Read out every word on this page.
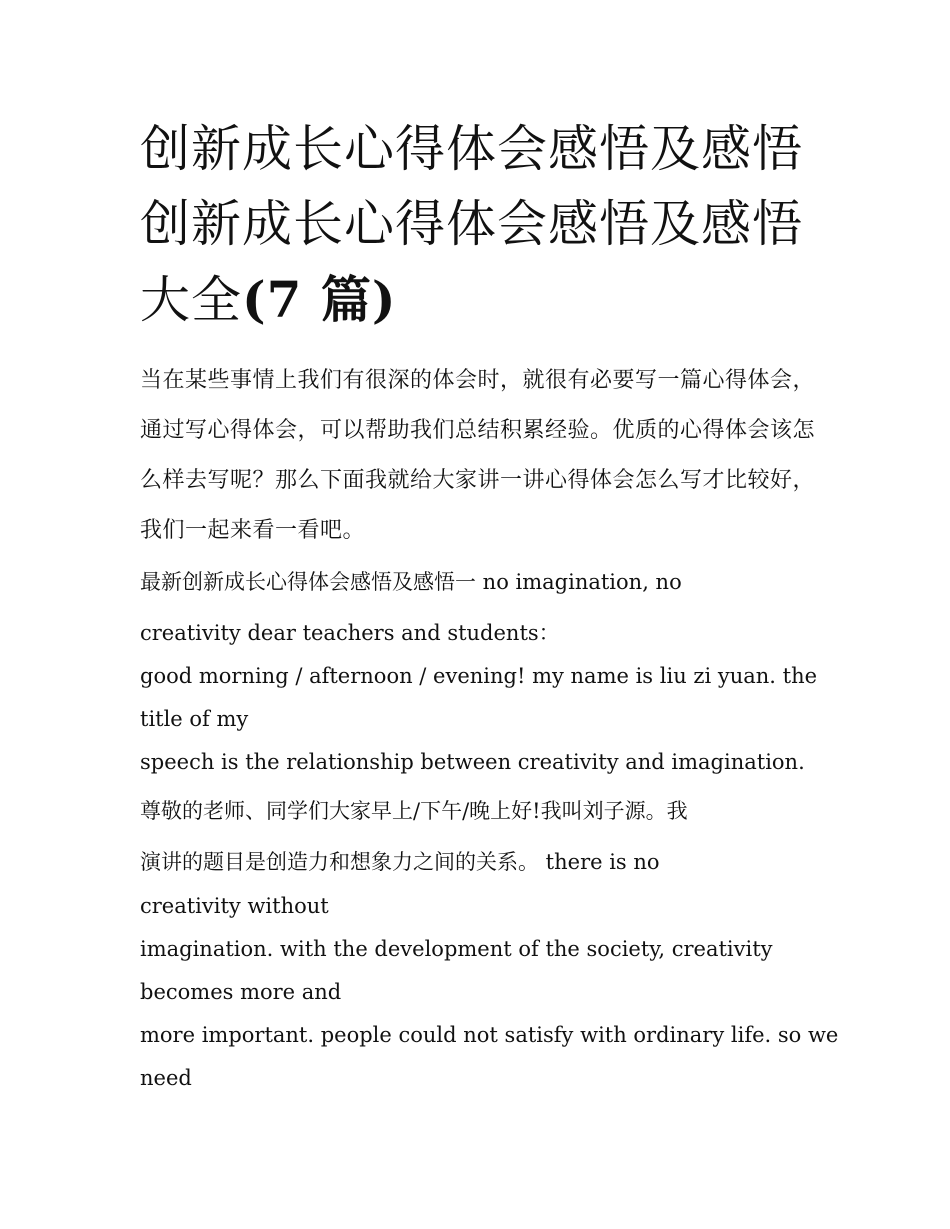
创新成长心得体会感悟及感悟创新成长心得体会感悟及感悟大全(7 篇)

当在某些事情上我们有很深的体会时，就很有必要写一篇心得体会，通过写心得体会，可以帮助我们总结积累经验。优质的心得体会该怎么样去写呢？那么下面我就给大家讲一讲心得体会怎么写才比较好，我们一起来看一看吧。

最新创新成长心得体会感悟及感悟一 no imagination, no

creativity dear teachers and students：

good morning / afternoon / evening! my name is liu zi yuan. the

title of my

speech is the relationship between creativity and imagination.

尊敬的老师、同学们大家早上/下午/晚上好!我叫刘子源。我

演讲的题目是创造力和想象力之间的关系。 there is no

creativity without

imagination. with the development of the society, creativity

becomes more and

more important. people could not satisfy with ordinary life. so we

need
